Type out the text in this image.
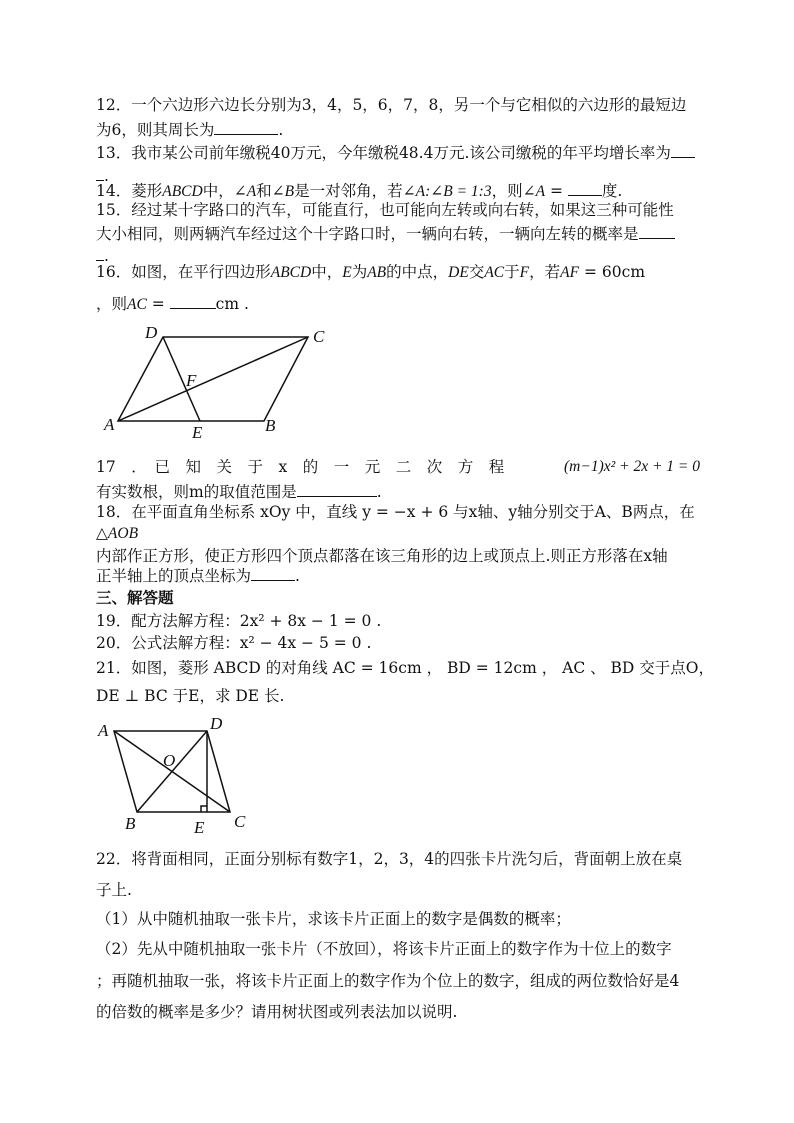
12．一个六边形六边长分别为3，4，5，6，7，8，另一个与它相似的六边形的最短边
为6，则其周长为	.
13．我市某公司前年缴税40万元，今年缴税48.4万元.该公司缴税的年平均增长率为
.
14．菱形ABCD中，∠A和∠B是一对邻角，若∠A:∠B = 1:3，则∠A = 度.
15．经过某十字路口的汽车，可能直行，也可能向左转或向右转，如果这三种可能性
大小相同，则两辆汽车经过这个十字路口时，一辆向右转，一辆向左转的概率是
.
16．如图，在平行四边形ABCD中，E为AB的中点，DE交AC于F，若AF = 60cm
，则AC =	cm .
D	C
F
A	E	B
17　．　已　知　关　于　x　的　一　元　二　次　方　程	(m−1)x² + 2x + 1 = 0
有实数根，则m的取值范围是	.
18．在平面直角坐标系 xOy 中，直线 y = −x + 6 与x轴、y轴分别交于A、B两点，在
△AOB
内部作正方形，使正方形四个顶点都落在该三角形的边上或顶点上.则正方形落在x轴
正半轴上的顶点坐标为	.
三、解答题
19．配方法解方程：2x² + 8x − 1 = 0 .
20．公式法解方程：x² − 4x − 5 = 0 .
21．如图，菱形 ABCD 的对角线 AC = 16cm ， BD = 12cm ， AC 、 BD 交于点O，
DE ⊥ BC 于E，求 DE 长.
A	D
O
B	E C
22．将背面相同，正面分别标有数字1，2，3，4的四张卡片洗匀后，背面朝上放在桌
子上.
（1）从中随机抽取一张卡片，求该卡片正面上的数字是偶数的概率；
（2）先从中随机抽取一张卡片（不放回），将该卡片正面上的数字作为十位上的数字
；再随机抽取一张，将该卡片正面上的数字作为个位上的数字，组成的两位数恰好是4
的倍数的概率是多少？请用树状图或列表法加以说明.
